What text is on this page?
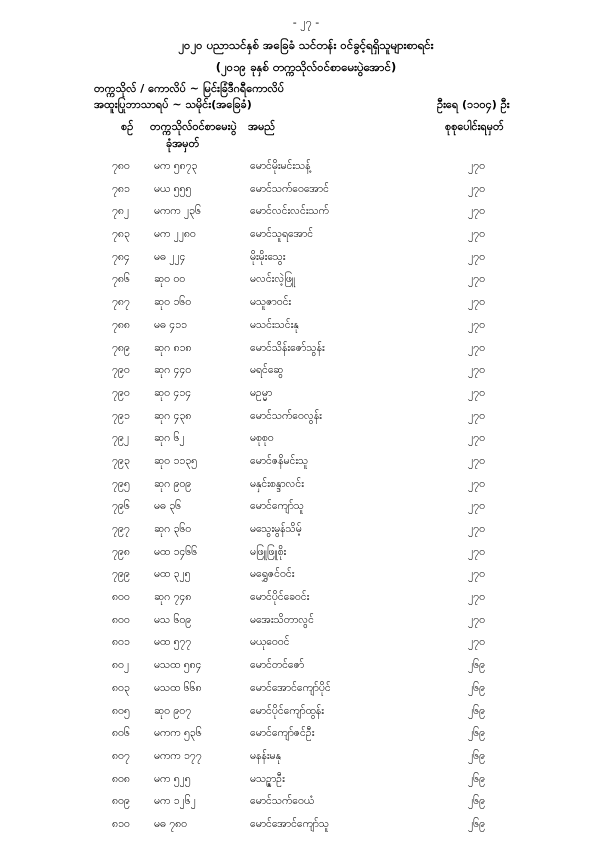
- ၂၇ -
၂၀၂၀ ပညာသင်နှစ် အခြေခံ သင်တန်း ဝင်ခွင့်ရရှိသူများစာရင်း
(၂၀၁၉ ခုနှစ် တက္ကသိုလ်ဝင်စာမေးပွဲအောင်)
တက္ကသိုလ် / ကောလိပ် ~ မြင်းခြံဒီဂရီကောလိပ်
အထူးပြုဘာသာရပ် ~ သမိုင်း(အခြေခံ)	ဦးရေ (၁၁၀၄) ဦး
စဉ် တက္ကသိုလ်ဝင်စာမေးပွဲ
ခုံအမှတ်
အမည်	စုစုပေါင်းရမှတ်
၇၈၀ မက ၅၈၇၃	မောင်မိုးမင်းသန့်	၂၇၀
၇၈၁ မယ ၅၅၅	မောင်သက်ဝေအောင်	၂၇၀
၇၈၂ မကက ၂၃၆	မောင်လင်းလင်းသက်	၂၇၀
၇၈၃ မက ၂၂၈၀	မောင်သူရအောင်	၂၇၀
၇၈၄ မဓ ၂၂၄	မိုးမိုးသွေး	၂၇၀
၇၈၆ ဆုဝ ၀၀	မလင်းလဲ့ဖြူ	၂၇၀
၇၈၇ ဆုဝ ၁၆၀	မသူဇာဝင်း	၂၇၀
၇၈၈ မဓ ၄၁၁	မသင်းသင်းနု	၂၇၀
၇၈၉ ဆုဂ ၈၁၈	မောင်သိန်းဇော်သွန်း	၂၇၀
၇၉၀ ဆုဂ ၄၄၀	မရင်ဆွေ	၂၇၀
၇၉၀ ဆုဝ ၄၁၄	မဥမ္မာ	၂၇၀
၇၉၁ ဆုဂ ၄၃၈	မောင်သက်ဝေလွန်း	၂၇၀
၇၉၂ ဆုဂ ၆၂	မစုစု၀	၂၇၀
၇၉၃ ဆုဝ ၁၁၃၅	မောင်ဇနိမင်းသူ	၂၇၀
၇၉၅ ဆုဂ ၉၀၉	မနှင်းစန္ဒာလင်း	၂၇၀
၇၉၆ မဓ ၃၆	မောင်ကျော်သူ	၂၇၀
၇၉၇ ဆုဂ ၃၆၀	မသွေးမွန်သိမ့်	၂၇၀
၇၉၈ မထ ၁၄၆၆	မဖြူဖြူစိုး	၂၇၀
၇၉၉ မထ ၃၂၅	မရွှေဇင်ဝင်း	၂၇၀
၈၀၀ ဆုဂ ၇၄၈	မောင်ပိုင်ခေဝင်း	၂၇၀
၈၀၀ မသ ၆၀၉	မအေးသိတာလွင်	၂၇၀
၈၀၁ မထ ၅၇၇	မယုဝေဝင်	၂၇၀
၈၀၂ မသထ ၅၈၄	မောင်တင်ဇော်	၂၆၉
၈၀၃ မသထ ၆၆၈	မောင်အောင်ကျော်ပိုင်	၂၆၉
၈၀၅ ဆုဝ ၉၀၇	မောင်ပိုင်ကျော်ထွန်း	၂၆၉
၈၀၆ မကက ၅၃၆	မောင်ကျော်ဇင်ဦး	၂၆၉
၈၀၇ မကက ၁၇၇	မနန်းမနု	၂၆၉
၈၀၈ မက ၅၂၅	မသဉ္ဇာဦး	၂၆၉
၈၀၉ မက ၁၂၆၂	မောင်သက်ဝေယံ	၂၆၉
၈၁၀ မဓ ၇၈၀	မောင်အောင်ကျော်သူ	၂၆၉
